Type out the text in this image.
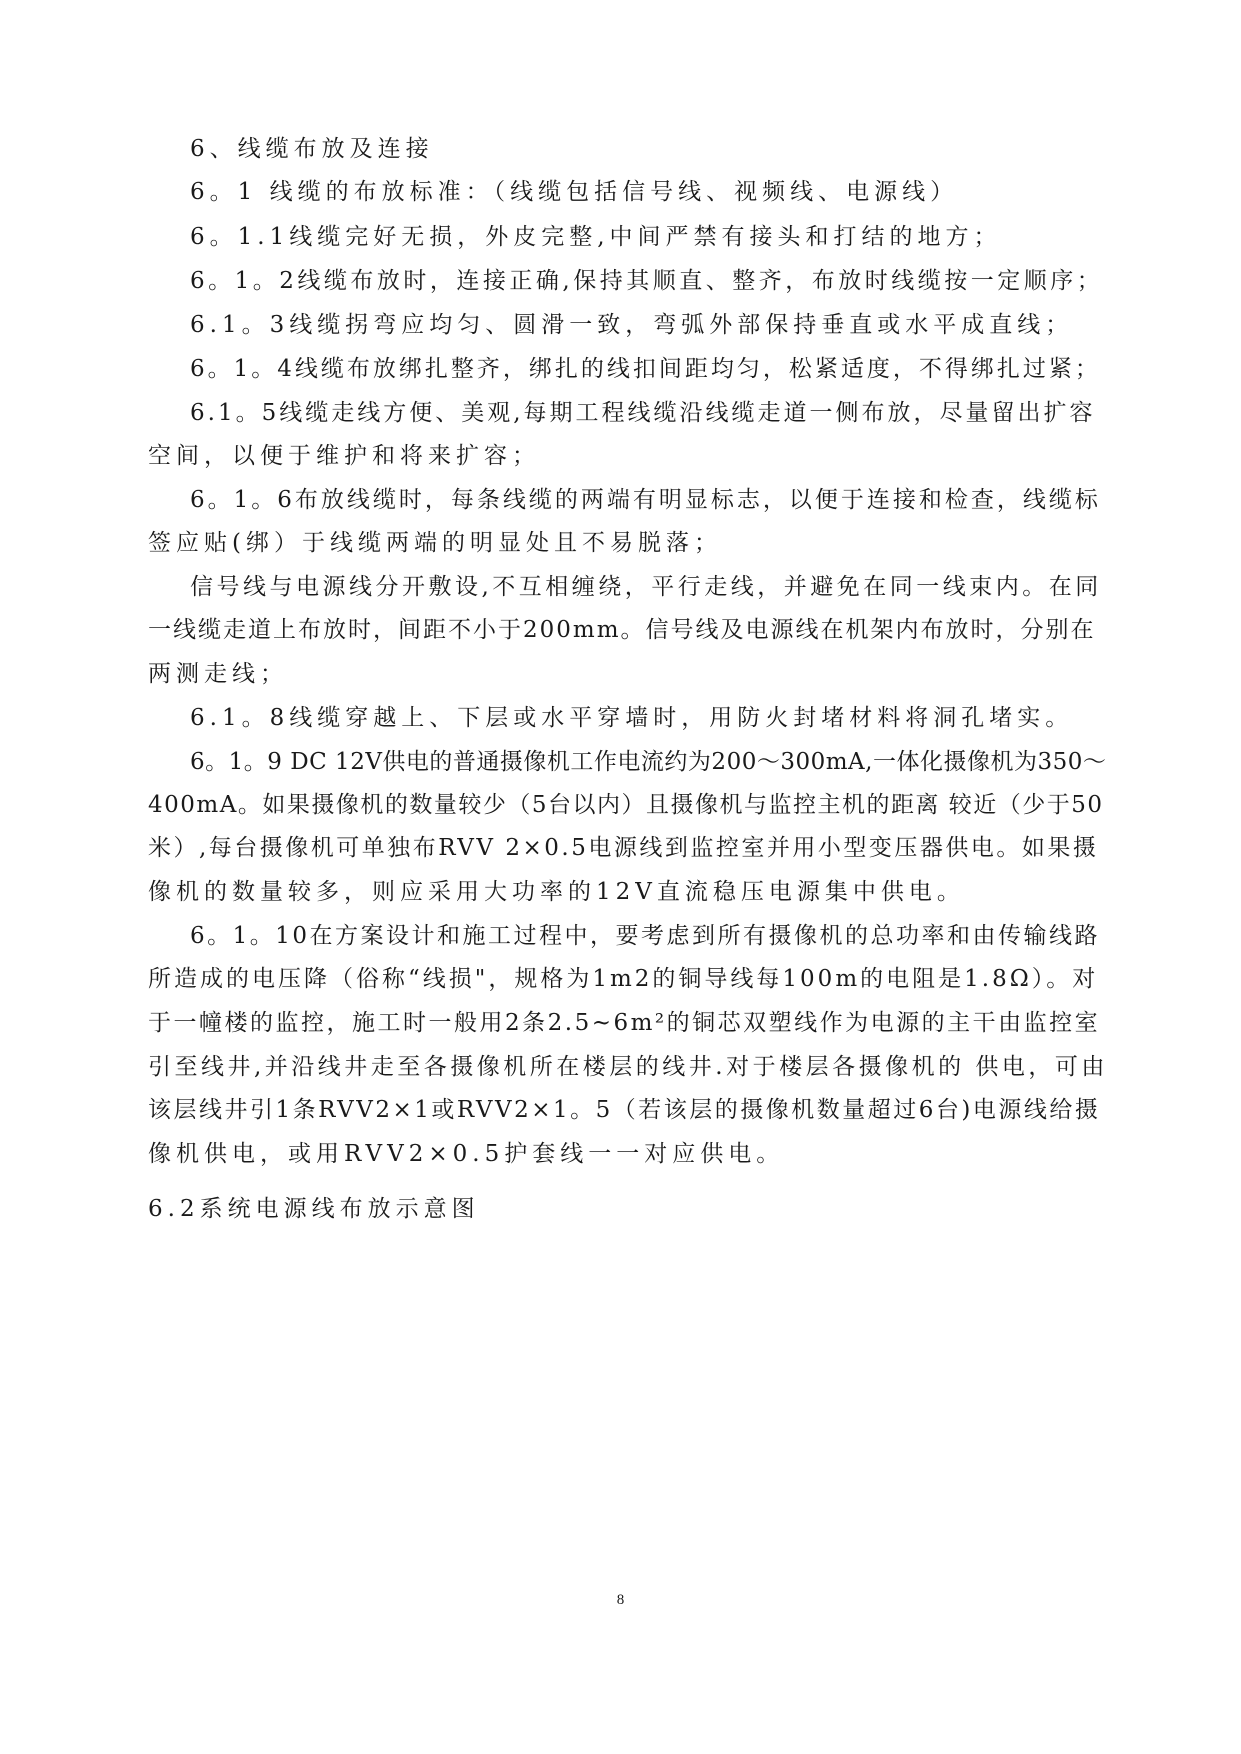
6、线缆布放及连接
6。1 线缆的布放标准：（线缆包括信号线、视频线、电源线）
6。1.1线缆完好无损，外皮完整,中间严禁有接头和打结的地方；
6。1。2线缆布放时，连接正确,保持其顺直、整齐，布放时线缆按一定顺序；
6.1。3线缆拐弯应均匀、圆滑一致，弯弧外部保持垂直或水平成直线；
6。1。4线缆布放绑扎整齐，绑扎的线扣间距均匀，松紧适度，不得绑扎过紧；
6.1。5线缆走线方便、美观,每期工程线缆沿线缆走道一侧布放，尽量留出扩容
空间，以便于维护和将来扩容；
6。1。6布放线缆时，每条线缆的两端有明显标志，以便于连接和检查，线缆标
签应贴(绑）于线缆两端的明显处且不易脱落；
信号线与电源线分开敷设,不互相缠绕，平行走线，并避免在同一线束内。在同
一线缆走道上布放时，间距不小于200mm。信号线及电源线在机架内布放时，分别在
两测走线；
6.1。8线缆穿越上、下层或水平穿墙时，用防火封堵材料将洞孔堵实。
6。1。9 DC 12V供电的普通摄像机工作电流约为200～300mA,一体化摄像机为350～
400mA。如果摄像机的数量较少（5台以内）且摄像机与监控主机的距离 较近（少于50
米）,每台摄像机可单独布RVV 2×0.5电源线到监控室并用小型变压器供电。如果摄
像机的数量较多，则应采用大功率的12V直流稳压电源集中供电。
6。1。10在方案设计和施工过程中，要考虑到所有摄像机的总功率和由传输线路
所造成的电压降（俗称“线损"，规格为1m2的铜导线每100m的电阻是1.8Ω）。对
于一幢楼的监控，施工时一般用2条2.5~6m²的铜芯双塑线作为电源的主干由监控室
引至线井,并沿线井走至各摄像机所在楼层的线井.对于楼层各摄像机的 供电，可由
该层线井引1条RVV2×1或RVV2×1。5（若该层的摄像机数量超过6台)电源线给摄
像机供电，或用RVV2×0.5护套线一一对应供电。
6.2系统电源线布放示意图
8
